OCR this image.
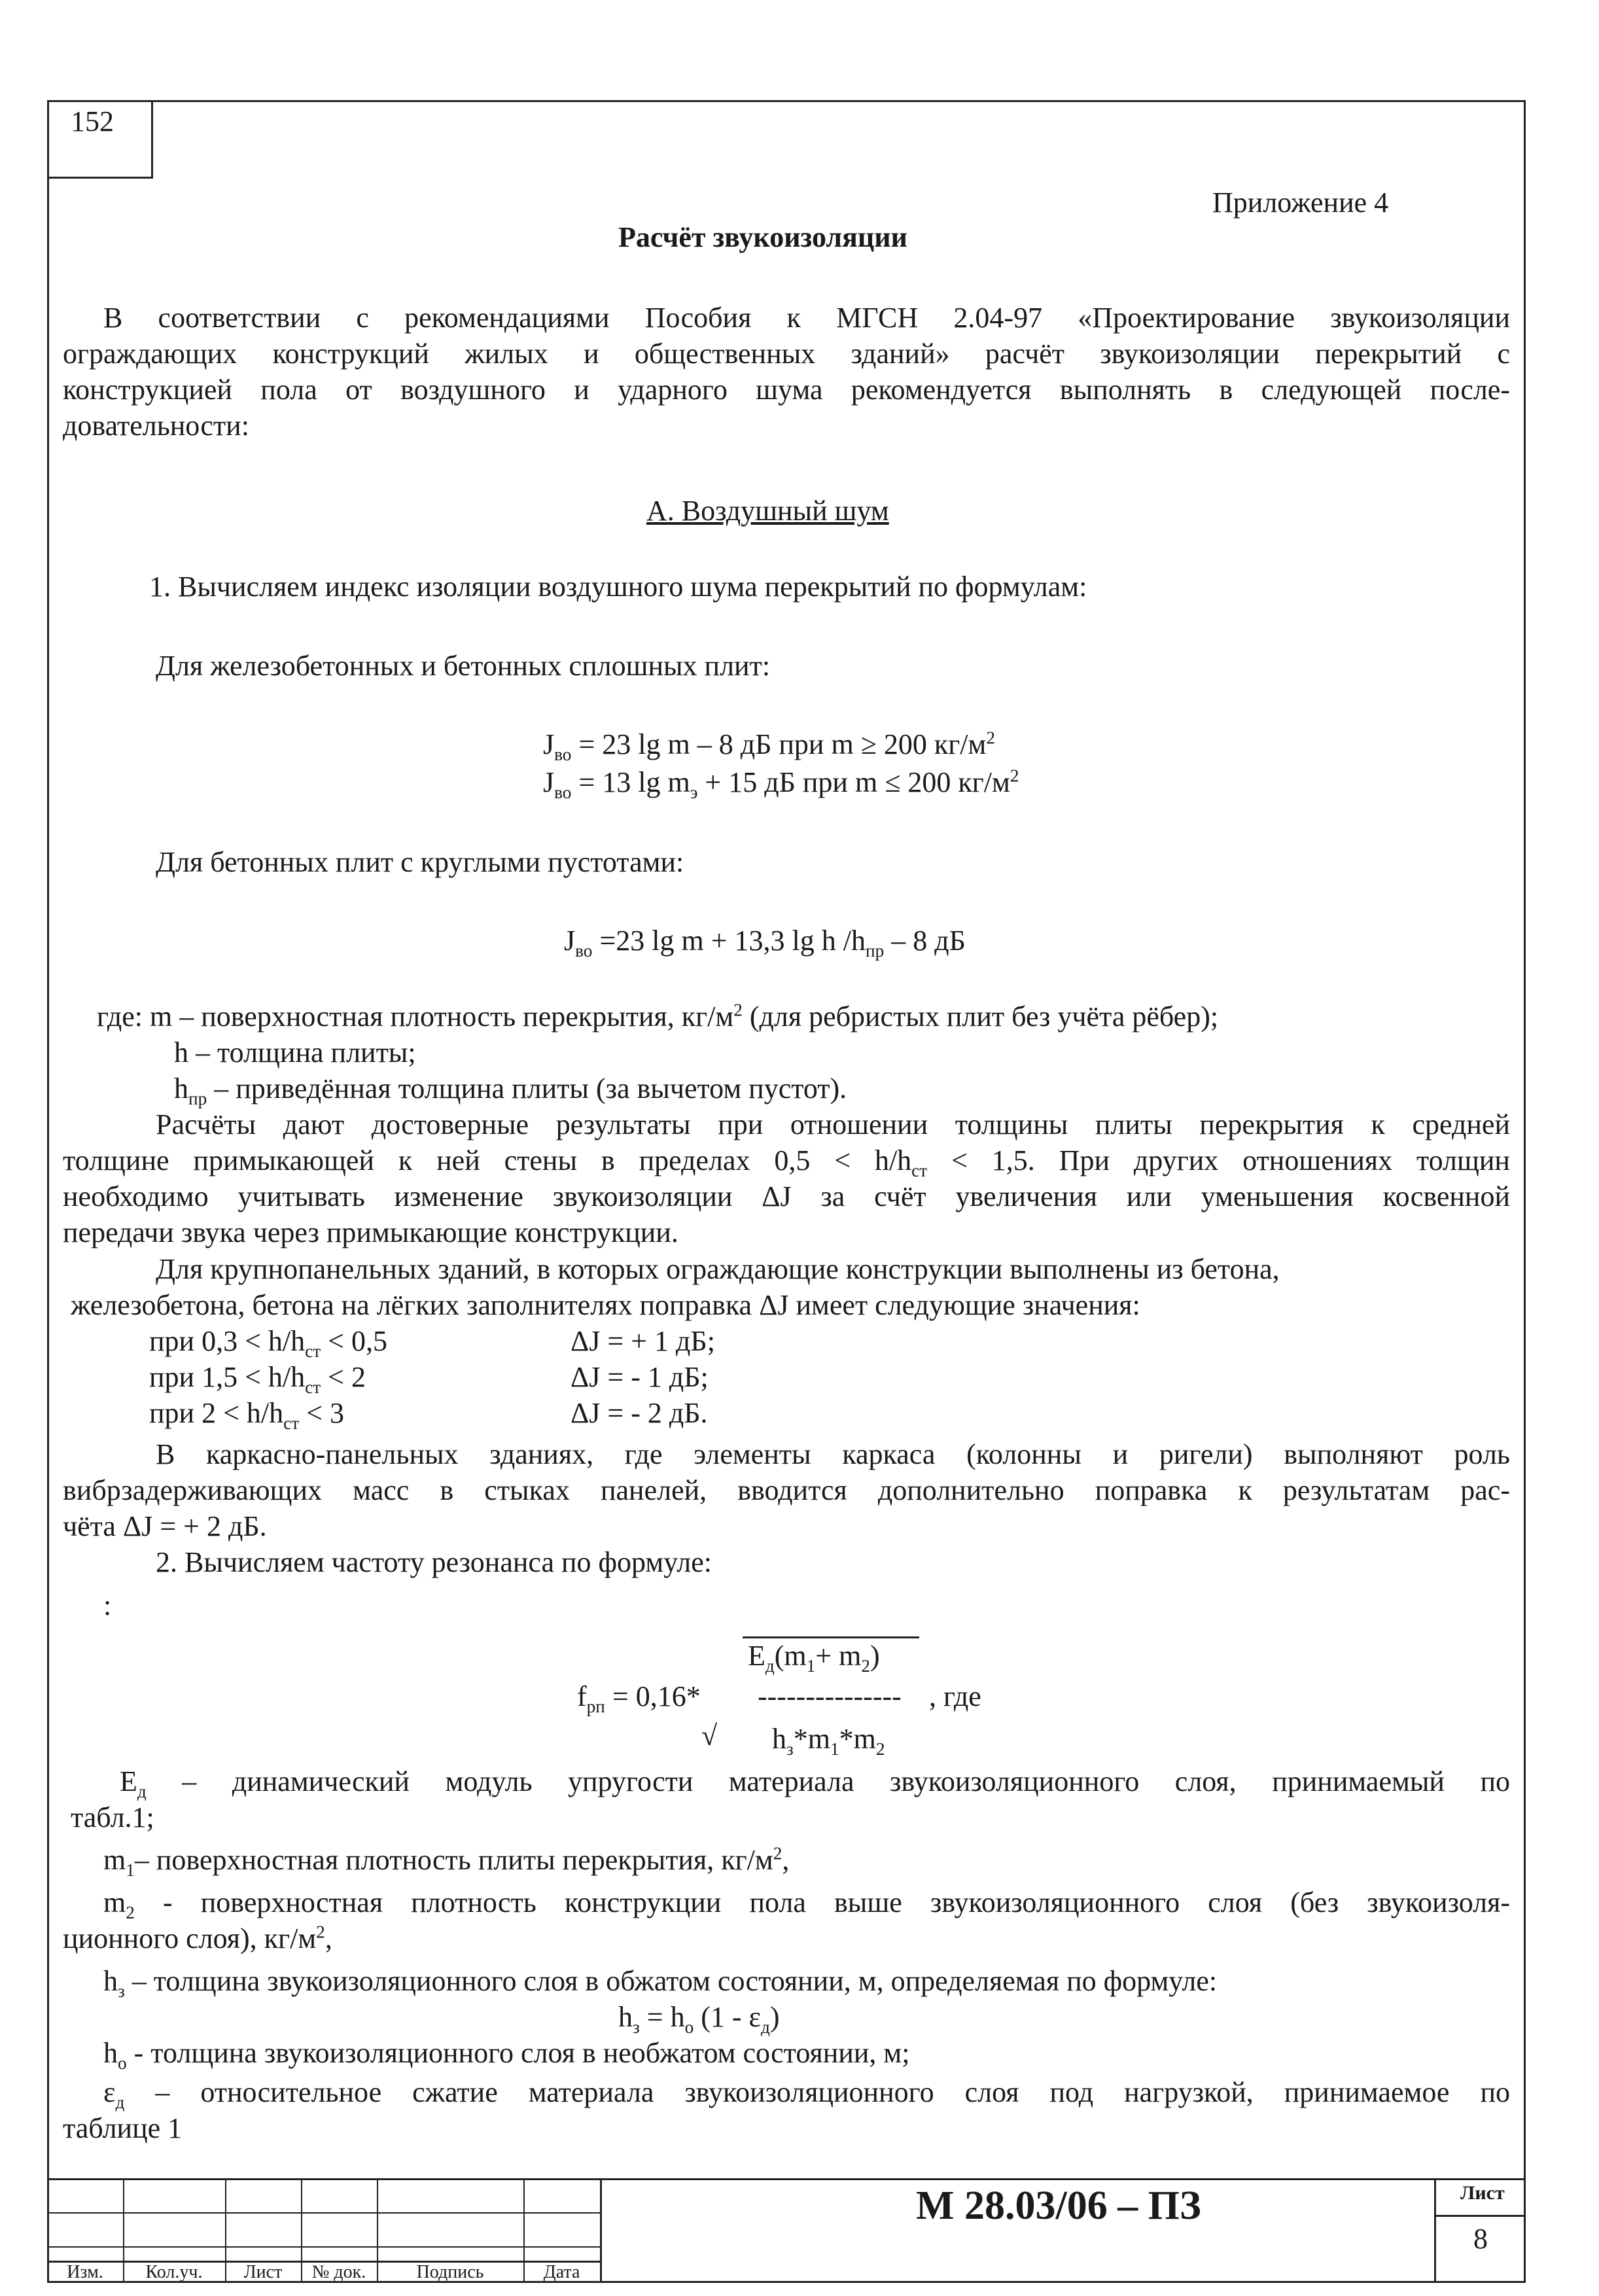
152
Приложение 4
Расчёт звукоизоляции
В соответствии с рекомендациями Пособия к МГСН 2.04-97 «Проектирование звукоизоляции
ограждающих конструкций жилых и общественных зданий» расчёт звукоизоляции перекрытий с
конструкцией пола от воздушного и ударного шума рекомендуется выполнять в следующей после-
довательности:
А. Воздушный шум
1. Вычисляем индекс изоляции воздушного шума перекрытий по формулам:
Для железобетонных и бетонных сплошных плит:
$J_{во} = 23$ lg m – 8 дБ при m ≥ 200 $кг/м^2$
$J_{во} = 13$ $\lg m_э + 15$ дБ при m ≤ 200 $кг/м^2$
Для бетонных плит с круглыми пустотами:
$J_{во} =23$ lg m + 13,3 lg h $/h_{пр} - 8$ дБ
где: m – поверхностная плотность перекрытия, $кг/м^2$ (для ребристых плит без учёта рёбер);
h – толщина плиты;
$h_{пр}$ – приведённая толщина плиты (за вычетом пустот).
Расчёты дают достоверные результаты при отношении толщины плиты перекрытия к средней
толщине примыкающей к ней стены в пределах $0,5 < h/h_{ст} < 1,5$. При других отношениях толщин
необходимо учитывать изменение звукоизоляции ΔJ за счёт увеличения или уменьшения косвенной
передачи звука через примыкающие конструкции.
Для крупнопанельных зданий, в которых ограждающие конструкции выполнены из бетона,
железобетона, бетона на лёгких заполнителях поправка ΔJ имеет следующие значения:
при $0,3 < h/h_{ст} < 0,5$	ΔJ = + 1 дБ;
при $1,5 < h/h_{ст} < 2$	ΔJ = - 1 дБ;
при $2 < h/h_{ст} < 3$	ΔJ = - 2 дБ.
В каркасно-панельных зданиях, где элементы каркаса (колонны и ригели) выполняют роль
вибрзадерживающих масс в стыках панелей, вводится дополнительно поправка к результатам рас-
чёта ΔJ = + 2 дБ.
2. Вычисляем частоту резонанса по формуле:
:
$E_д(m_1+ m_2)$
$f_{рп} = 0,16*$ --------------- , где
√ $h_з*m_1*m_2$
$E_д$ – динамический модуль упругости материала звукоизоляционного слоя, принимаемый по
табл.1;
$m_1-$ поверхностная плотность плиты перекрытия, $кг/м^2$,
$m_2$ - поверхностная плотность конструкции пола выше звукоизоляционного слоя (без звукоизоля-
ционного слоя), $кг/м^2$,
$h_з$ – толщина звукоизоляционного слоя в обжатом состоянии, м, определяемая по формуле:
$h_з = h_о$ $(1 - \varepsilon_д)$
$h_о$ - толщина звукоизоляционного слоя в необжатом состоянии, м;
$\varepsilon_д$ – относительное сжатие материала звукоизоляционного слоя под нагрузкой, принимаемое по
таблице 1
Изм.	Кол.уч.	Лист	№ док.	Подпись	Дата
М 28.03/06 – ПЗ	Лист
8
